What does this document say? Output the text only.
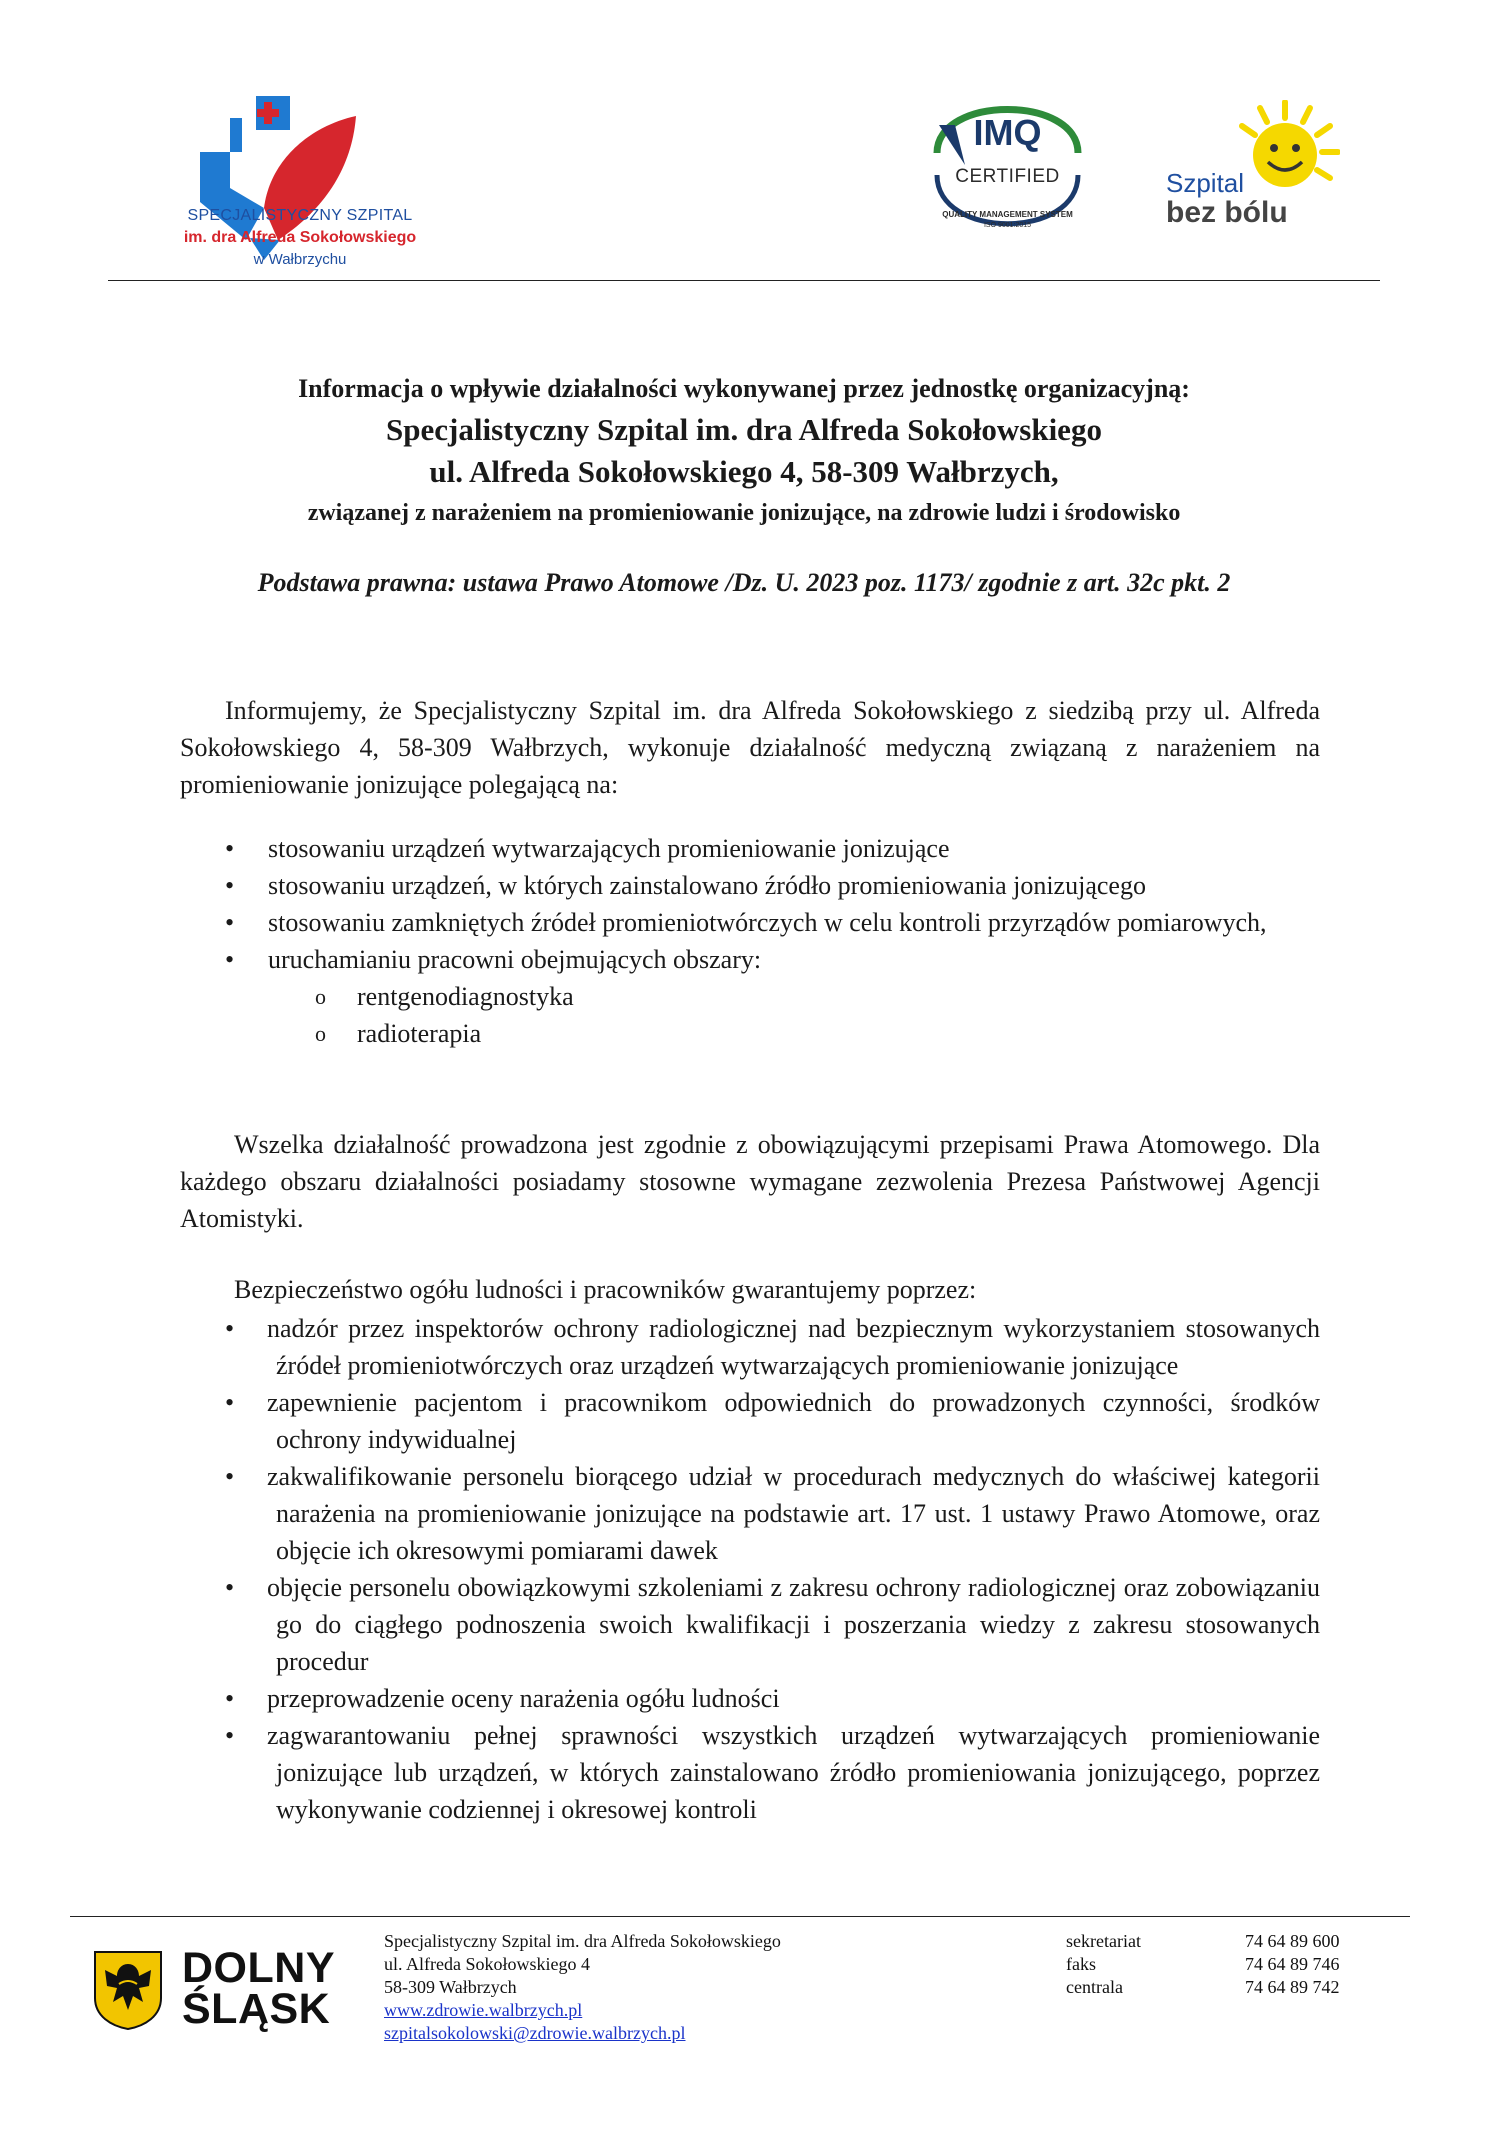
SPECJALISTYCZNY SZPITAL
im. dra Alfreda Sokołowskiego
w Wałbrzychu
IMQ
CERTIFIED
QUALITY MANAGEMENT SYSTEM
ISO 9001:2015
Szpital
bez bólu
Informacja o wpływie działalności wykonywanej przez jednostkę organizacyjną:
Specjalistyczny Szpital im. dra Alfreda Sokołowskiego
ul. Alfreda Sokołowskiego 4, 58-309 Wałbrzych,
związanej z narażeniem na promieniowanie jonizujące, na zdrowie ludzi i środowisko
Podstawa prawna: ustawa Prawo Atomowe /Dz. U. 2023 poz. 1173/ zgodnie z art. 32c pkt. 2
Informujemy, że Specjalistyczny Szpital im. dra Alfreda Sokołowskiego z siedzibą przy ul. Alfreda Sokołowskiego 4, 58-309 Wałbrzych, wykonuje działalność medyczną związaną z narażeniem na promieniowanie jonizujące polegającą na:
• stosowaniu urządzeń wytwarzających promieniowanie jonizujące
• stosowaniu urządzeń, w których zainstalowano źródło promieniowania jonizującego
• stosowaniu zamkniętych źródeł promieniotwórczych w celu kontroli przyrządów pomiarowych,
• uruchamianiu pracowni obejmujących obszary:
o rentgenodiagnostyka
o radioterapia
Wszelka działalność prowadzona jest zgodnie z obowiązującymi przepisami Prawa Atomowego. Dla każdego obszaru działalności posiadamy stosowne wymagane zezwolenia Prezesa Państwowej Agencji Atomistyki.
Bezpieczeństwo ogółu ludności i pracowników gwarantujemy poprzez:
• nadzór przez inspektorów ochrony radiologicznej nad bezpiecznym wykorzystaniem stosowanych źródeł promieniotwórczych oraz urządzeń wytwarzających promieniowanie jonizujące
• zapewnienie pacjentom i pracownikom odpowiednich do prowadzonych czynności, środków ochrony indywidualnej
• zakwalifikowanie personelu biorącego udział w procedurach medycznych do właściwej kategorii narażenia na promieniowanie jonizujące na podstawie art. 17 ust. 1 ustawy Prawo Atomowe, oraz objęcie ich okresowymi pomiarami dawek
• objęcie personelu obowiązkowymi szkoleniami z zakresu ochrony radiologicznej oraz zobowiązaniu go do ciągłego podnoszenia swoich kwalifikacji i poszerzania wiedzy z zakresu stosowanych procedur
• przeprowadzenie oceny narażenia ogółu ludności
• zagwarantowaniu pełnej sprawności wszystkich urządzeń wytwarzających promieniowanie jonizujące lub urządzeń, w których zainstalowano źródło promieniowania jonizującego, poprzez wykonywanie codziennej i okresowej kontroli
DOLNY
ŚLĄSK
Specjalistyczny Szpital im. dra Alfreda Sokołowskiego
ul. Alfreda Sokołowskiego 4
58-309 Wałbrzych
www.zdrowie.walbrzych.pl
szpitalsokolowski@zdrowie.walbrzych.pl
sekretariat
faks
centrala
74 64 89 600
74 64 89 746
74 64 89 742
